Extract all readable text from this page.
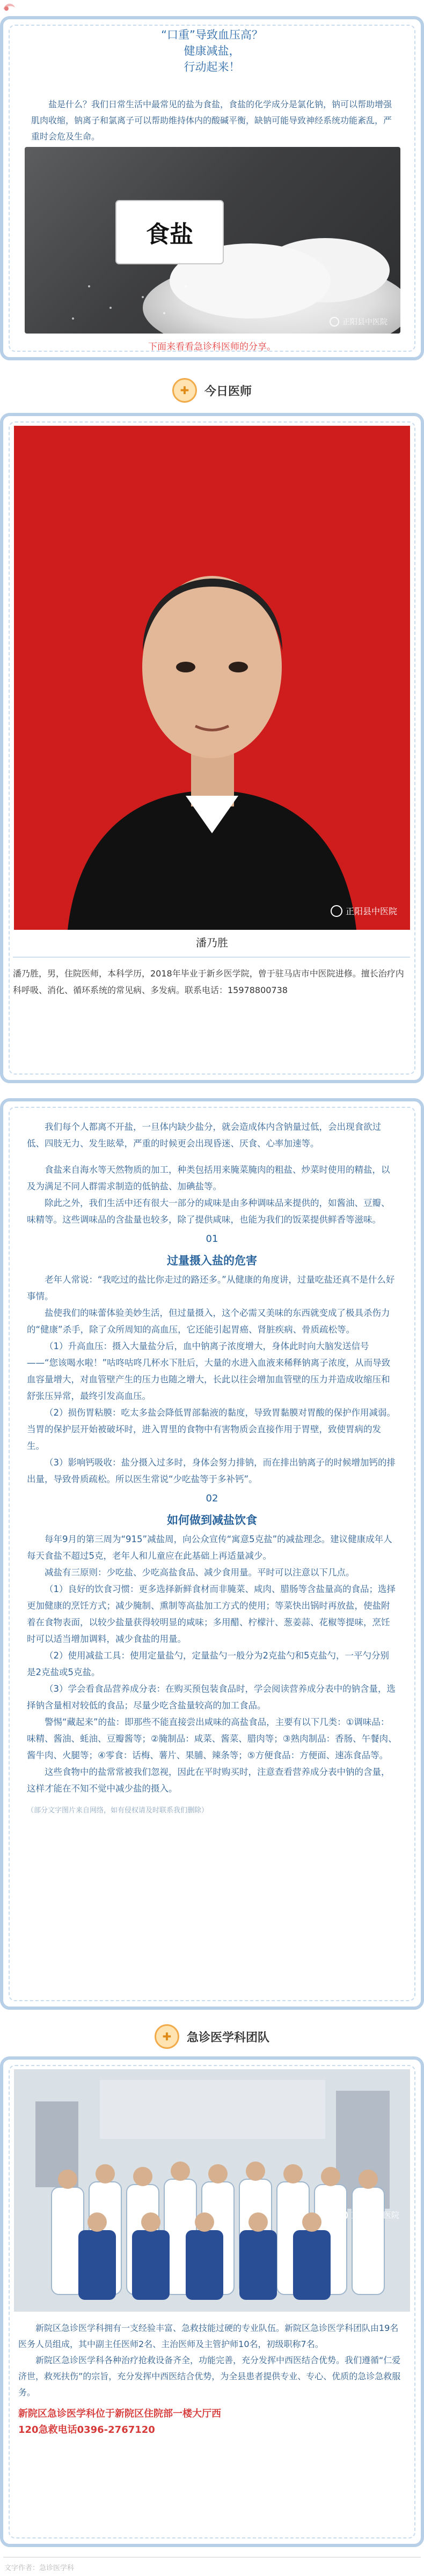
“口重”导致血压高？
健康减盐，
行动起来！

盐是什么？我们日常生活中最常见的盐为食盐，食盐的化学成分是氯化钠，钠可以帮助增强肌肉收缩，钠离子和氯离子可以帮助维持体内的酸碱平衡，缺钠可能导致神经系统功能紊乱，严重时会危及生命。

食盐
正阳县中医院
下面来看看急诊科医师的分享。
✚	今日医师
正阳县中医院
潘乃胜

潘乃胜，男，住院医师，本科学历，2018年毕业于新乡医学院，曾于驻马店市中医院进修。擅长治疗内科呼吸、消化、循环系统的常见病、多发病。联系电话：15978800738

我们每个人都离不开盐，一旦体内缺少盐分，就会造成体内含钠量过低，会出现食欲过低、四肢无力、发生眩晕，严重的时候更会出现昏迷、厌食、心率加速等。

食盐来自海水等天然物质的加工，种类包括用来腌菜腌肉的粗盐、炒菜时使用的精盐，以及为满足不同人群需求制造的低钠盐、加碘盐等。

除此之外，我们生活中还有很大一部分的咸味是由多种调味品来提供的，如酱油、豆瓣、味精等。这些调味品的含盐量也较多，除了提供咸味，也能为我们的饭菜提供鲜香等滋味。

01
过量摄入盐的危害

老年人常说：“我吃过的盐比你走过的路还多。”从健康的角度讲，过量吃盐还真不是什么好事情。

盐使我们的味蕾体验美妙生活，但过量摄入，这个必需又美味的东西就变成了极具杀伤力的“健康”杀手，除了众所周知的高血压，它还能引起胃癌、肾脏疾病、骨质疏松等。

（1）升高血压：摄入大量盐分后，血中钠离子浓度增大，身体此时向大脑发送信号——“您该喝水啦！”咕咚咕咚几杯水下肚后，大量的水进入血液来稀释钠离子浓度，从而导致血容量增大，对血管壁产生的压力也随之增大，长此以往会增加血管壁的压力并造成收缩压和舒张压异常，最终引发高血压。

（2）损伤胃粘膜：吃太多盐会降低胃部黏液的黏度，导致胃黏膜对胃酸的保护作用减弱。当胃的保护层开始被破坏时，进入胃里的食物中有害物质会直接作用于胃壁，致使胃病的发生。

（3）影响钙吸收：盐分摄入过多时，身体会努力排钠，而在排出钠离子的时候增加钙的排出量，导致骨质疏松。所以医生常说“少吃盐等于多补钙”。

02
如何做到减盐饮食

每年9月的第三周为“915”减盐周，向公众宣传“寓意5克盐”的减盐理念。建议健康成年人每天食盐不超过5克，老年人和儿童应在此基础上再适量减少。

减盐有三原则：少吃盐、少吃高盐食品、减少食用量。平时可以注意以下几点。

（1）良好的饮食习惯：更多选择新鲜食材而非腌菜、咸肉、腊肠等含盐量高的食品；选择更加健康的烹饪方式；减少腌制、熏制等高盐加工方式的使用；等菜快出锅时再放盐，使盐附着在食物表面，以较少盐量获得较明显的咸味；多用醋、柠檬汁、葱姜蒜、花椒等提味，烹饪时可以适当增加调料，减少食盐的用量。

（2）使用减盐工具：使用定量盐勺，定量盐勺一般分为2克盐勺和5克盐勺，一平勺分别是2克盐或5克盐。

（3）学会看食品营养成分表：在购买预包装食品时，学会阅读营养成分表中的钠含量，选择钠含量相对较低的食品；尽量少吃含盐量较高的加工食品。

警惕“藏起来”的盐：即那些不能直接尝出咸味的高盐食品，主要有以下几类：①调味品：味精、酱油、蚝油、豆瓣酱等；②腌制品：咸菜、酱菜、腊肉等；③熟肉制品：香肠、午餐肉、酱牛肉、火腿等；④零食：话梅、薯片、果脯、辣条等；⑤方便食品：方便面、速冻食品等。

这些食物中的盐常常被我们忽视，因此在平时购买时，注意查看营养成分表中钠的含量，这样才能在不知不觉中减少盐的摄入。

（部分文字图片来自网络，如有侵权请及时联系我们删除）
✚	急诊医学科团队
正阳县中医院

新院区急诊医学科拥有一支经验丰富、急救技能过硬的专业队伍。新院区急诊医学科团队由19名医务人员组成，其中副主任医师2名、主治医师及主管护师10名，初级职称7名。

新院区急诊医学科各种治疗抢救设备齐全，功能完善，充分发挥中西医结合优势。我们遵循“仁爱济世，救死扶伤”的宗旨，充分发挥中西医结合优势，为全县患者提供专业、专心、优质的急诊急救服务。

新院区急诊医学科位于新院区住院部一楼大厅西
120急救电话0396-2767120
文字作者：急诊医学科
